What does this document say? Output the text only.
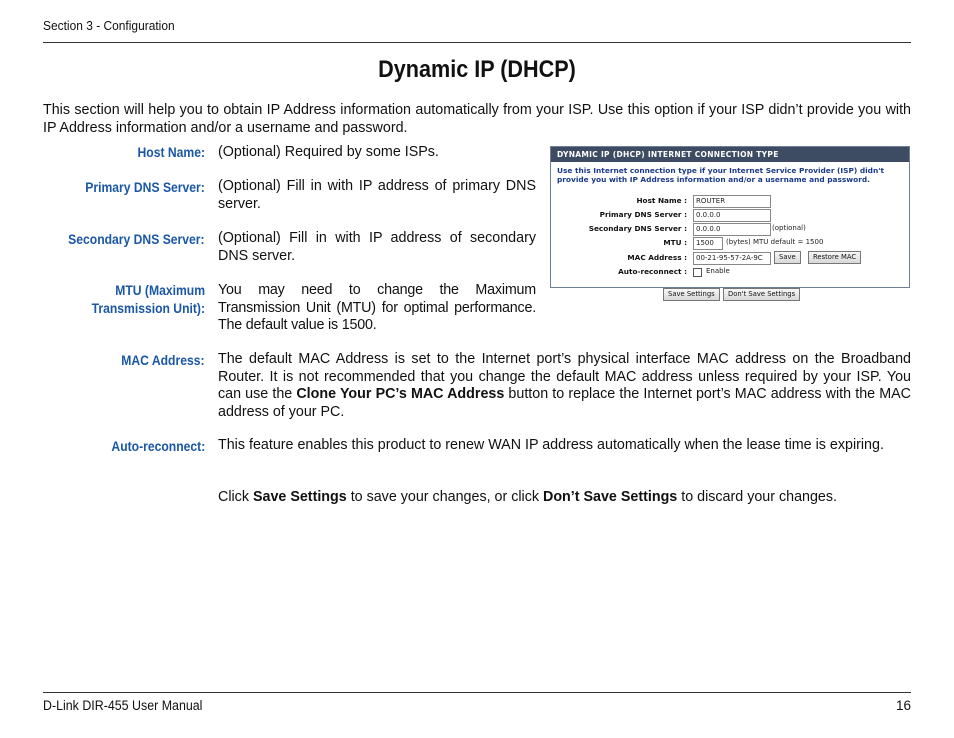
Section 3 - Configuration
Dynamic IP (DHCP)
This section will help you to obtain IP Address information automatically from your ISP. Use this option if your ISP didn’t provide you with IP Address information and/or a username and password.
Host Name: (Optional) Required by some ISPs.
Primary DNS Server: (Optional) Fill in with IP address of primary DNS server.
Secondary DNS Server: (Optional) Fill in with IP address of secondary DNS server.
MTU (Maximum
Transmission Unit):
You may need to change the Maximum Transmission Unit (MTU) for optimal performance. The default value is 1500.
MAC Address: The default MAC Address is set to the Internet port’s physical interface MAC address on the Broadband Router. It is not recommended that you change the default MAC address unless required by your ISP. You can use the Clone Your PC’s MAC Address button to replace the Internet port’s MAC address with the MAC address of your PC.
Auto-reconnect: This feature enables this product to renew WAN IP address automatically when the lease time is expiring.
Click Save Settings to save your changes, or click Don’t Save Settings to discard your changes.
DYNAMIC IP (DHCP) INTERNET CONNECTION TYPE
Use this Internet connection type if your Internet Service Provider (ISP) didn't provide you with IP Address information and/or a username and password.
Host Name :	ROUTER
Primary DNS Server :	0.0.0.0
Secondary DNS Server :	0.0.0.0	(optional)
MTU :	1500	(bytes) MTU default = 1500
MAC Address :	00-21-95-57-2A-9C	Save	Restore MAC
Auto-reconnect :	Enable
Save Settings	Don't Save Settings
D-Link DIR-455 User Manual	16
